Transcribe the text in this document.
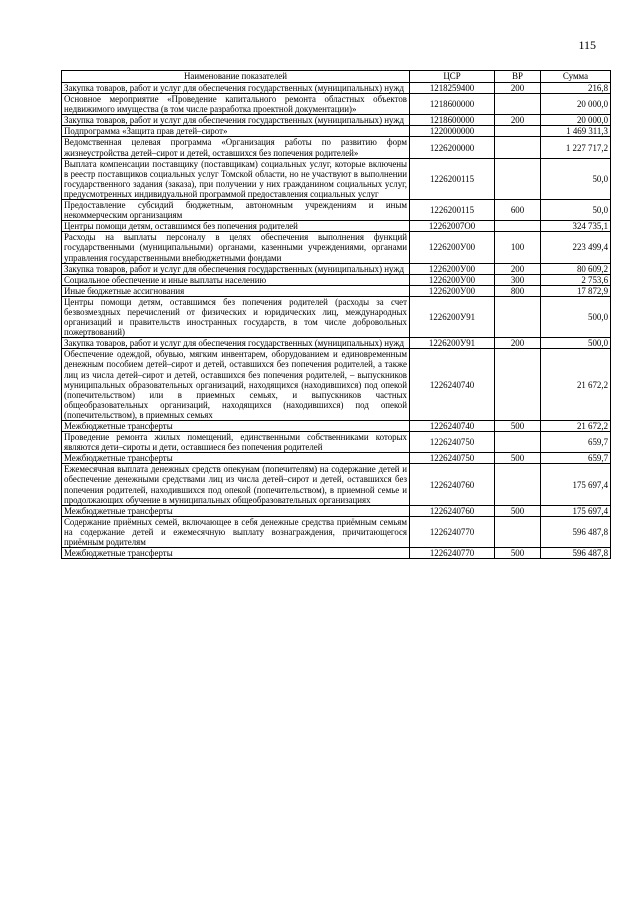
115
Наименование показателей	ЦСР	ВР	Сумма
Закупка товаров, работ и услуг для обеспечения государственных (муниципальных) нужд	1218259400	200	216,8
Основное мероприятие «Проведение капитального ремонта областных объектов недвижимого имущества (в том числе разработка проектной документации)»	1218600000		20 000,0
Закупка товаров, работ и услуг для обеспечения государственных (муниципальных) нужд	1218600000	200	20 000,0
Подпрограмма «Защита прав детей–сирот»	1220000000		1 469 311,3
Ведомственная целевая программа «Организация работы по развитию форм жизнеустройства детей–сирот и детей, оставшихся без попечения родителей»	1226200000		1 227 717,2
Выплата компенсации поставщику (поставщикам) социальных услуг, которые включены в реестр поставщиков социальных услуг Томской области, но не участвуют в выполнении государственного задания (заказа), при получении у них гражданином социальных услуг, предусмотренных индивидуальной программой предоставления социальных услуг	1226200115		50,0
Предоставление субсидий бюджетным, автономным учреждениям и иным некоммерческим организациям	1226200115	600	50,0
Центры помощи детям, оставшимся без попечения родителей	12262007О0		324 735,1
Расходы на выплаты персоналу в целях обеспечения выполнения функций государственными (муниципальными) органами, казенными учреждениями, органами управления государственными внебюджетными фондами	1226200У00	100	223 499,4
Закупка товаров, работ и услуг для обеспечения государственных (муниципальных) нужд	1226200У00	200	80 609,2
Социальное обеспечение и иные выплаты населению	1226200У00	300	2 753,6
Иные бюджетные ассигнования	1226200У00	800	17 872,9
Центры помощи детям, оставшимся без попечения родителей (расходы за счет безвозмездных перечислений от физических и юридических лиц, международных организаций и правительств иностранных государств, в том числе добровольных пожертвований)	1226200У91		500,0
Закупка товаров, работ и услуг для обеспечения государственных (муниципальных) нужд	1226200У91	200	500,0
Обеспечение одеждой, обувью, мягким инвентарем, оборудованием и единовременным денежным пособием детей–сирот и детей, оставшихся без попечения родителей, а также лиц из числа детей–сирот и детей, оставшихся без попечения родителей, – выпускников муниципальных образовательных организаций, находящихся (находившихся) под опекой (попечительством) или в приемных семьях, и выпускников частных общеобразовательных организаций, находящихся (находившихся) под опекой (попечительством), в приемных семьях	1226240740		21 672,2
Межбюджетные трансферты	1226240740	500	21 672,2
Проведение ремонта жилых помещений, единственными собственниками которых являются дети–сироты и дети, оставшиеся без попечения родителей	1226240750		659,7
Межбюджетные трансферты	1226240750	500	659,7
Ежемесячная выплата денежных средств опекунам (попечителям) на содержание детей и обеспечение денежными средствами лиц из числа детей–сирот и детей, оставшихся без попечения родителей, находившихся под опекой (попечительством), в приемной семье и продолжающих обучение в муниципальных общеобразовательных организациях	1226240760		175 697,4
Межбюджетные трансферты	1226240760	500	175 697,4
Содержание приёмных семей, включающее в себя денежные средства приёмным семьям на содержание детей и ежемесячную выплату вознаграждения, причитающегося приёмным родителям	1226240770		596 487,8
Межбюджетные трансферты	1226240770	500	596 487,8
